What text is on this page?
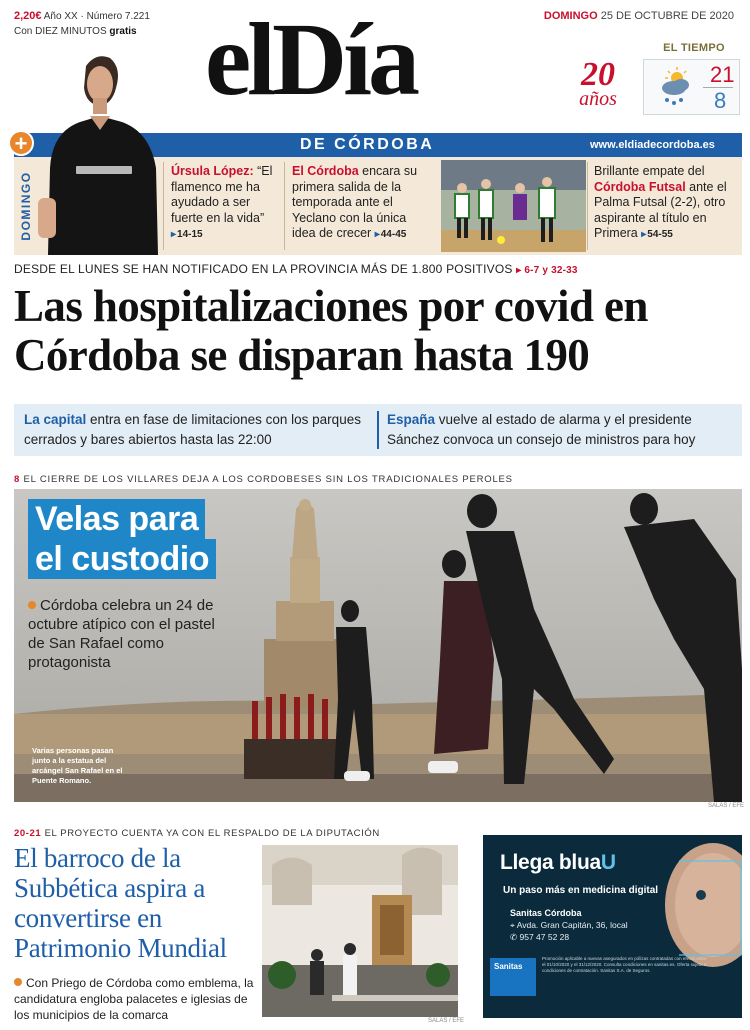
2,20€ Año XX · Número 7.221
Con DIEZ MINUTOS gratis elDía	DOMINGO 25 DE OCTUBRE DE 2020
20
años
EL TIEMPO
21
8
DE CÓRDOBA	www.eldiadecordoba.es
+
DOMINGO
Úrsula López: “El flamenco me ha ayudado a ser fuerte en la vida” ▸ 14-15
El Córdoba encara su primera salida de la temporada ante el Yeclano con la única idea de crecer ▸ 44-45
Brillante empate del Córdoba Futsal ante el Palma Futsal (2-2), otro aspirante al título en Primera ▸ 54-55
DESDE EL LUNES SE HAN NOTIFICADO EN LA PROVINCIA MÁS DE 1.800 POSITIVOS ▸ 6-7 y 32-33
Las hospitalizaciones por covid en Córdoba se disparan hasta 190
La capital entra en fase de limitaciones con los parques cerrados y bares abiertos hasta las 22:00
España vuelve al estado de alarma y el presidente Sánchez convoca un consejo de ministros para hoy
8 EL CIERRE DE LOS VILLARES DEJA A LOS CORDOBESES SIN LOS TRADICIONALES PEROLES
Velas para
el custodio
Córdoba celebra un 24 de octubre atípico con el pastel de San Rafael como protagonista
Varias personas pasan junto a la estatua del arcángel San Rafael en el Puente Romano.
SALAS / EFE
20-21 EL PROYECTO CUENTA YA CON EL RESPALDO DE LA DIPUTACIÓN
El barroco de la Subbética aspira a convertirse en Patrimonio Mundial
Con Priego de Córdoba como emblema, la candidatura engloba palacetes e iglesias de los municipios de la comarca	SALAS / EFE
Llega bluaU
Un paso más en medicina digital
Sanitas Córdoba
⌖ Avda. Gran Capitán, 36, local
✆ 957 47 52 28
Sanitas
Promoción aplicable a nuevas asegurados en pólizas contratadas con efecto entre el 01/10/2020 y el 31/12/2020. Consulta condiciones en sanitas.es. Oferta sujeta a condiciones de contratación. Sanitas S.A. de Seguros.
